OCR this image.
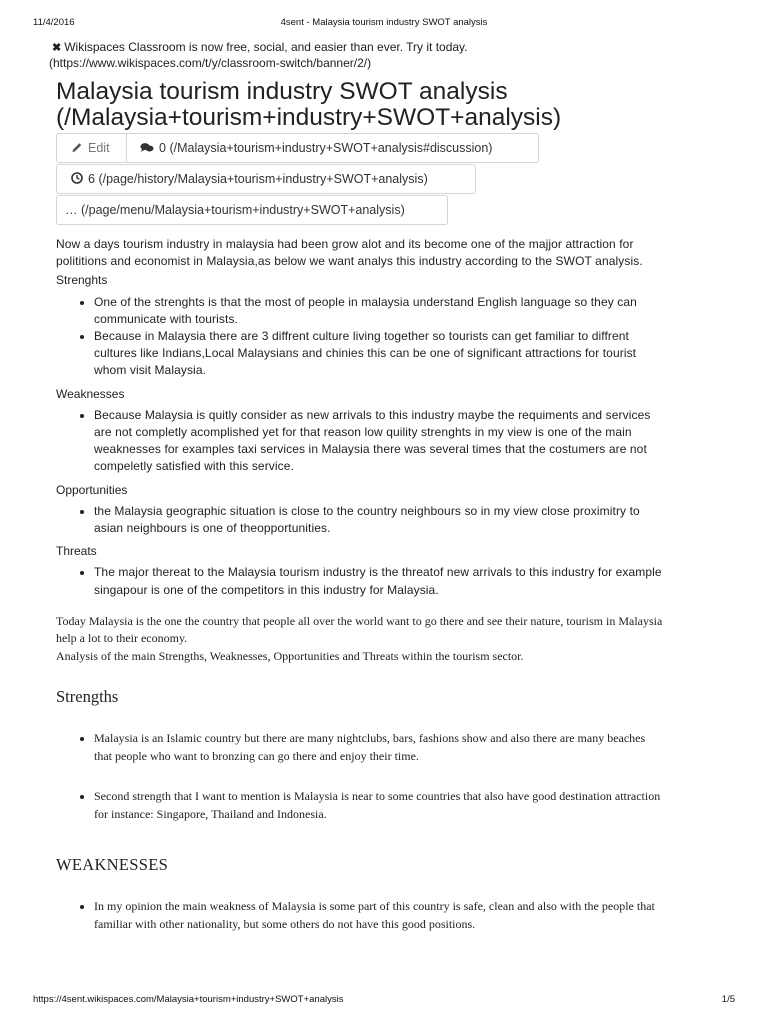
11/4/2016	4sent - Malaysia tourism industry SWOT analysis
✖ Wikispaces Classroom is now free, social, and easier than ever. Try it today.
(https://www.wikispaces.com/t/y/classroom-switch/banner/2/)
Malaysia tourism industry SWOT analysis
(/Malaysia+tourism+industry+SWOT+analysis)
Edit	0 (/Malaysia+tourism+industry+SWOT+analysis#discussion)
6 (/page/history/Malaysia+tourism+industry+SWOT+analysis)
… (/page/menu/Malaysia+tourism+industry+SWOT+analysis)

Now a days tourism industry in malaysia had been grow alot and its become one of the majjor attraction for polititions and economist in Malaysia,as below we want analys this industry according to the SWOT analysis.

Strenghts

• One of the strenghts is that the most of people in malaysia understand English language so they can communicate with tourists.
• Because in Malaysia there are 3 diffrent culture living together so tourists can get familiar to diffrent cultures like Indians,Local Malaysians and chinies this can be one of significant attractions for tourist whom visit Malaysia.

Weaknesses

• Because Malaysia is quitly consider as new arrivals to this industry maybe the requiments and services are not completly acomplished yet for that reason low quility strenghts in my view is one of the main weaknesses for examples taxi services in Malaysia there was several times that the costumers are not compeletly satisfied with this service.

Opportunities

• the Malaysia geographic situation is close to the country neighbours so in my view close proximitry to asian neighbours is one of theopportunities.

Threats

• The major thereat to the Malaysia tourism industry is the threatof new arrivals to this industry for example singapour is one of the competitors in this industry for Malaysia.

Today Malaysia is the one the country that people all over the world want to go there and see their nature, tourism in Malaysia help a lot to their economy.
Analysis of the main Strengths, Weaknesses, Opportunities and Threats within the tourism sector.

Strengths
• Malaysia is an Islamic country but there are many nightclubs, bars, fashions show and also there are many beaches that people who want to bronzing can go there and enjoy their time.
• Second strength that I want to mention is Malaysia is near to some countries that also have good destination attraction for instance: Singapore, Thailand and Indonesia.
WEAKNESSES
• In my opinion the main weakness of Malaysia is some part of this country is safe, clean and also with the people that familiar with other nationality, but some others do not have this good positions.
https://4sent.wikispaces.com/Malaysia+tourism+industry+SWOT+analysis	1/5
